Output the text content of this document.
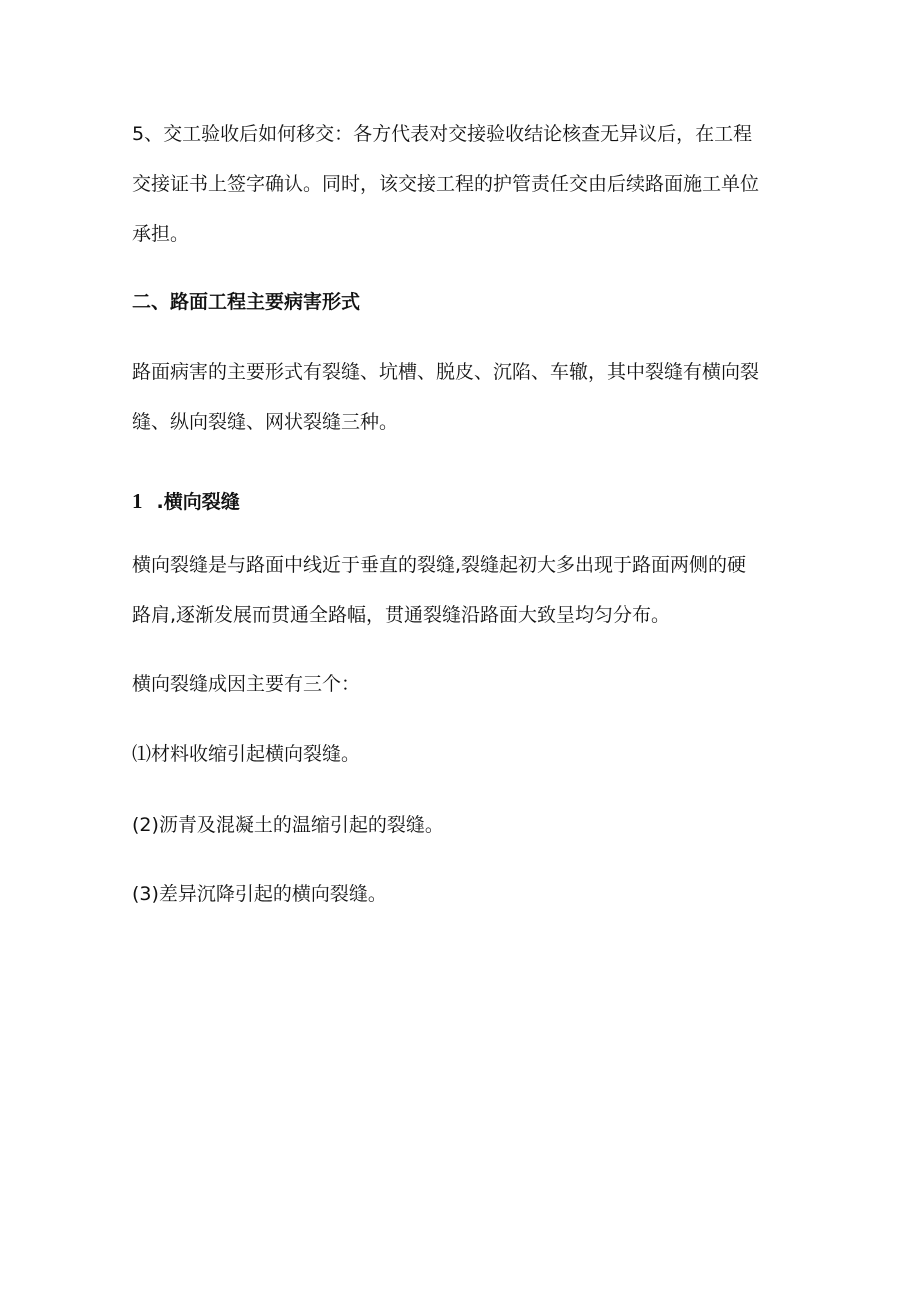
5、交工验收后如何移交：各方代表对交接验收结论核查无异议后，在工程
交接证书上签字确认。同时，该交接工程的护管责任交由后续路面施工单位
承担。

二、路面工程主要病害形式

路面病害的主要形式有裂缝、坑槽、脱皮、沉陷、车辙，其中裂缝有横向裂
缝、纵向裂缝、网状裂缝三种。

1 .横向裂缝

横向裂缝是与路面中线近于垂直的裂缝,裂缝起初大多出现于路面两侧的硬
路肩,逐渐发展而贯通全路幅，贯通裂缝沿路面大致呈均匀分布。

横向裂缝成因主要有三个：

⑴材料收缩引起横向裂缝。

(2)沥青及混凝土的温缩引起的裂缝。

(3)差异沉降引起的横向裂缝。
